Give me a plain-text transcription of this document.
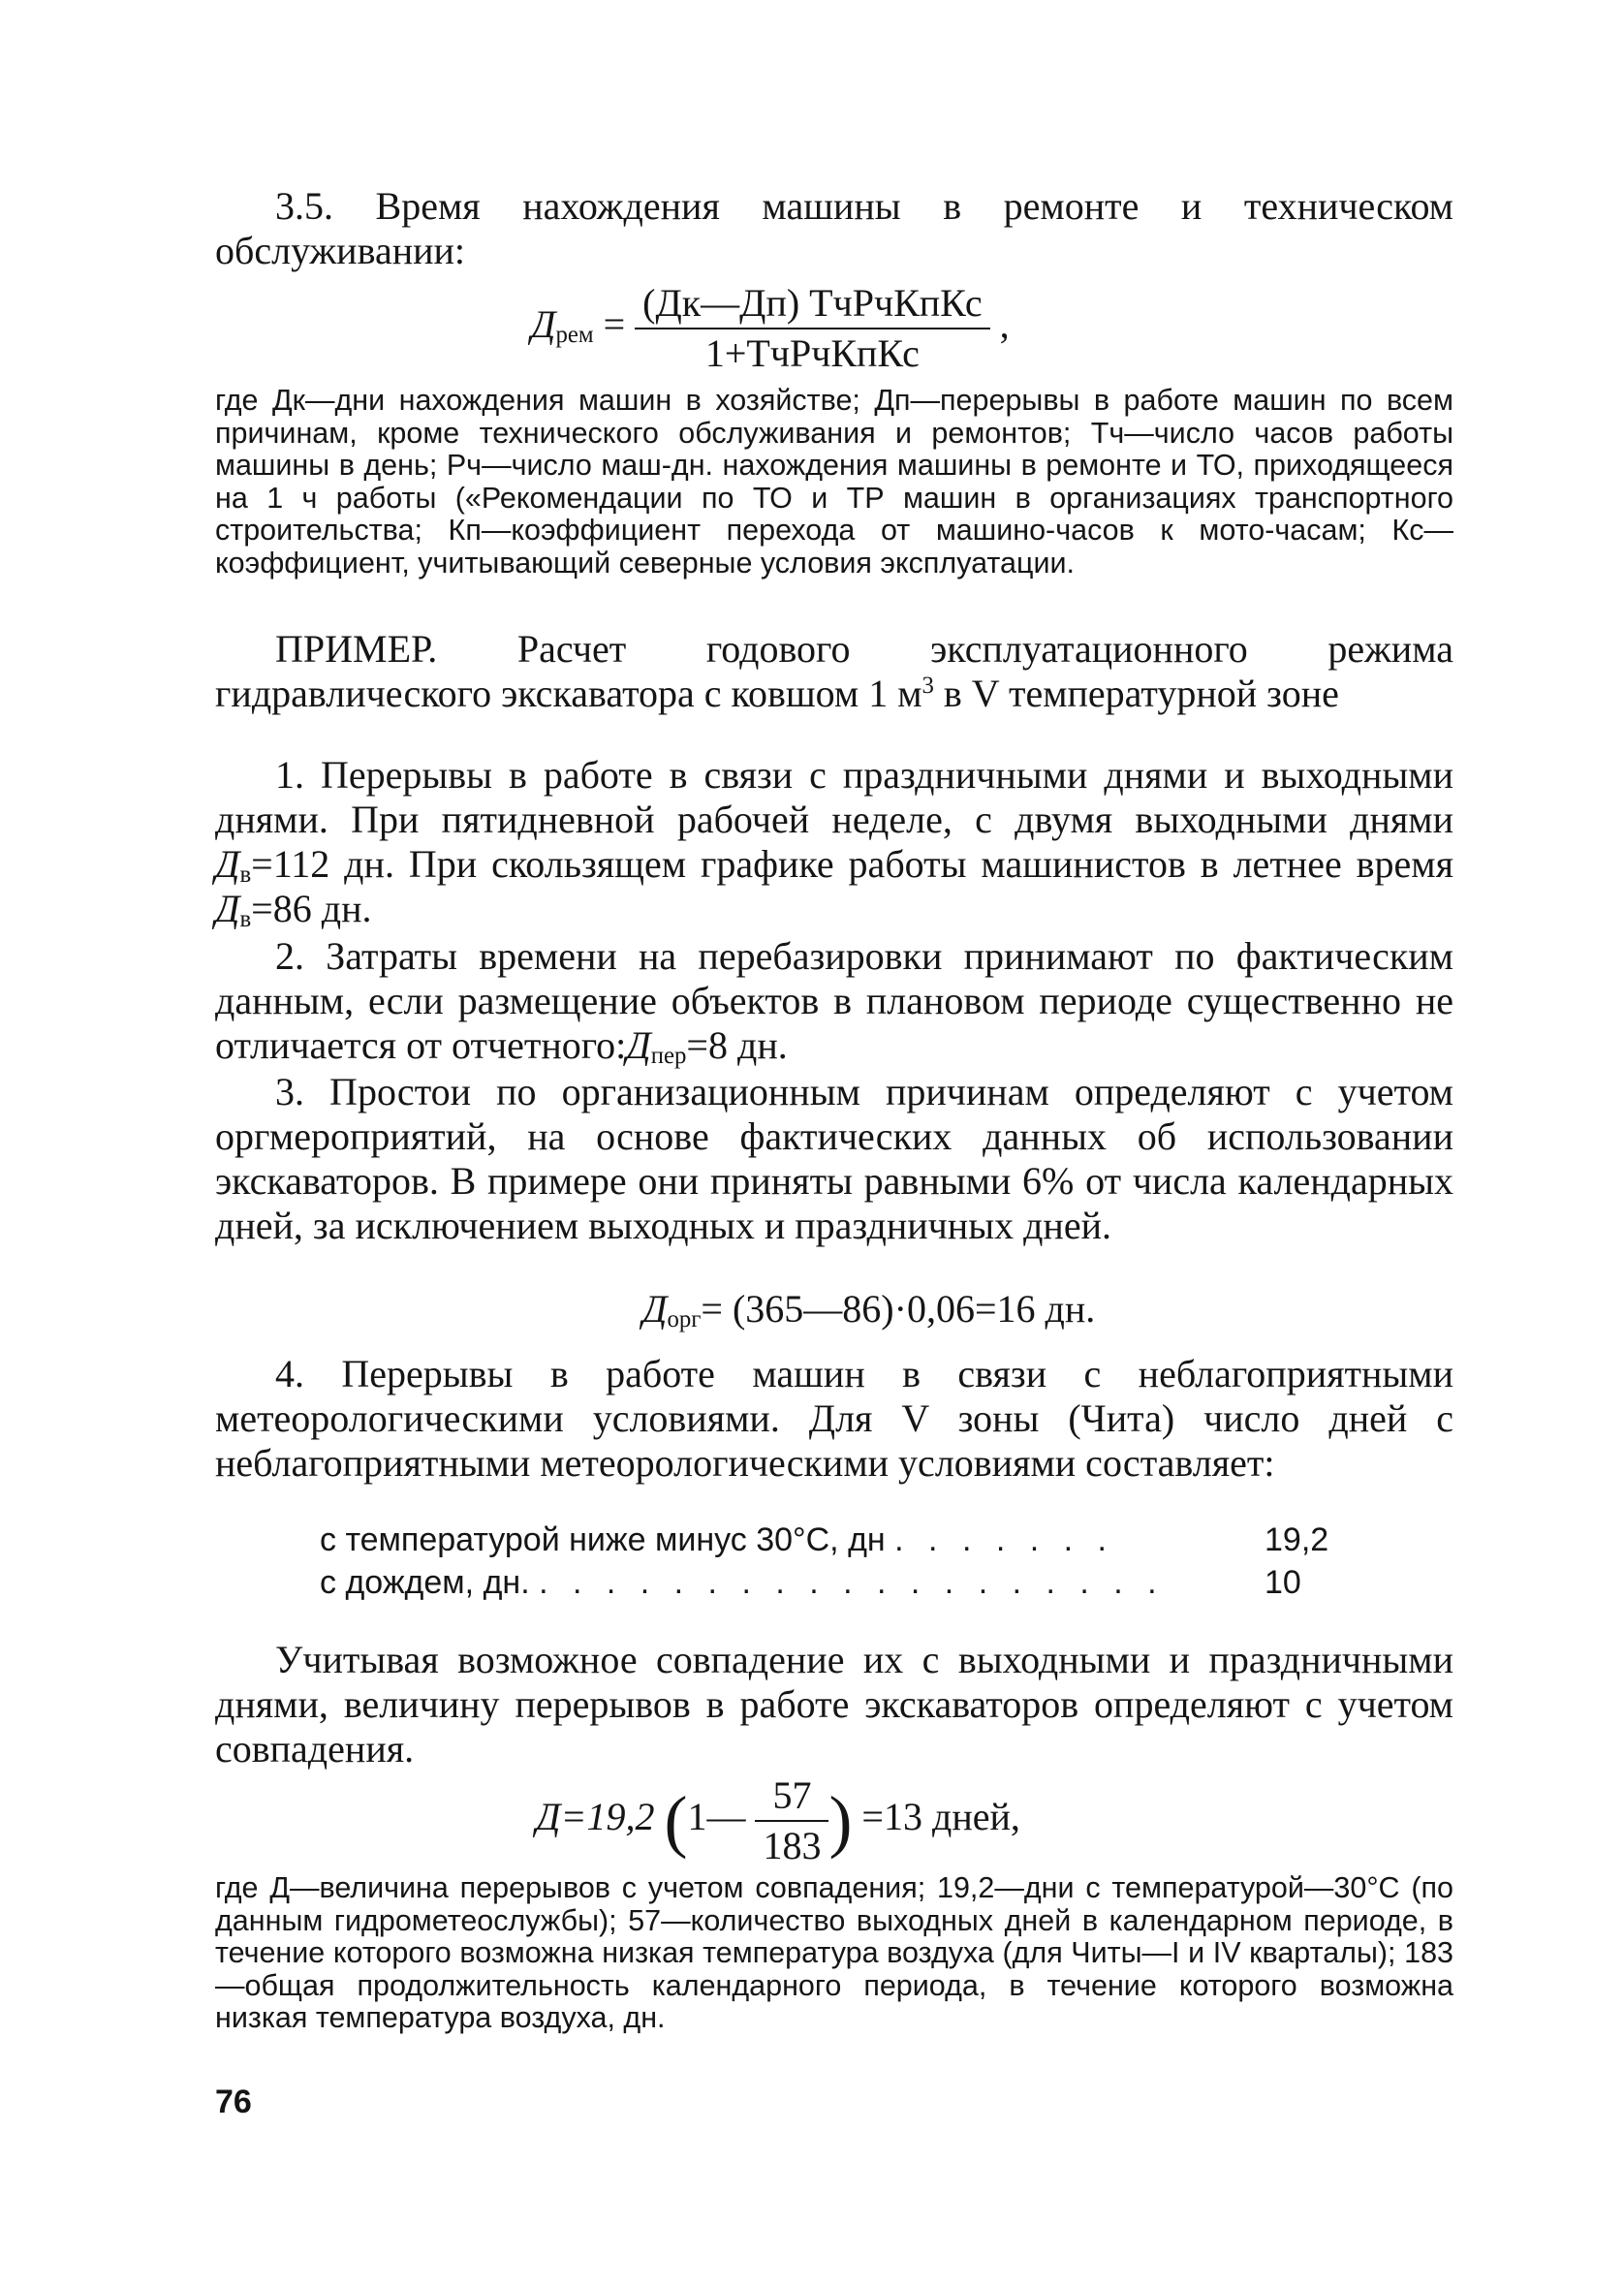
3.5. Время нахождения машины в ремонте и техническом обслуживании:

$Д_{рем} = \frac{\text{(Дк—Дп) ТчРчКпКс}}{\text{1+ТчРчКпКс}}$ ,

где Дк—дни нахождения машин в хозяйстве; Дп—перерывы в работе машин по всем причинам, кроме технического обслуживания и ремонтов; Тч—число часов работы машины в день; Рч—число маш-дн. нахождения машины в ремонте и ТО, приходящееся на 1 ч работы («Рекомендации по ТО и ТР машин в организациях транспортного строительства; Кп—коэффициент перехода от машино-часов к мото-часам; Кс—коэффициент, учитывающий северные условия эксплуатации.

ПРИМЕР. Расчет годового эксплуатационного режима гидравлического экскаватора с ковшом 1 $м^3$ в V температурной зоне

1. Перерывы в работе в связи с праздничными днями и выходными днями. При пятидневной рабочей неделе, с двумя выходными днями $Д_в=112$ дн. При скользящем графике работы машинистов в летнее время $Д_в=86$ дн.

2. Затраты времени на перебазировки принимают по фактическим данным, если размещение объектов в плановом периоде существенно не отличается от $отчетного:Д_{пер}=8$ дн.

3. Простои по организационным причинам определяют с учетом оргмероприятий, на основе фактических данных об использовании экскаваторов. В примере они приняты равными 6% от числа календарных дней, за исключением выходных и праздничных дней.

$Д_{орг}=$ (365—86)·0,06=16 дн.

4. Перерывы в работе машин в связи с неблагоприятными метеорологическими условиями. Для V зоны (Чита) число дней с неблагоприятными метеорологическими условиями составляет:

с температурой ниже минус 30°С, дн . . . . . . .	19,2
с дождем, дн. . . . . . . . . . . . . . . . . . . .	10

Учитывая возможное совпадение их с выходными и праздничными днями, величину перерывов в работе экскаваторов определяют с учетом совпадения.

Д=19,2 (1— $\frac{57}{183}$ ) =13 дней,

где Д—величина перерывов с учетом совпадения; 19,2—дни с температурой—30°С (по данным гидрометеослужбы); 57—количество выходных дней в календарном периоде, в течение которого возможна низкая температура воздуха (для Читы—I и IV кварталы); 183—общая продолжительность календарного периода, в течение которого возможна низкая температура воздуха, дн.

76
